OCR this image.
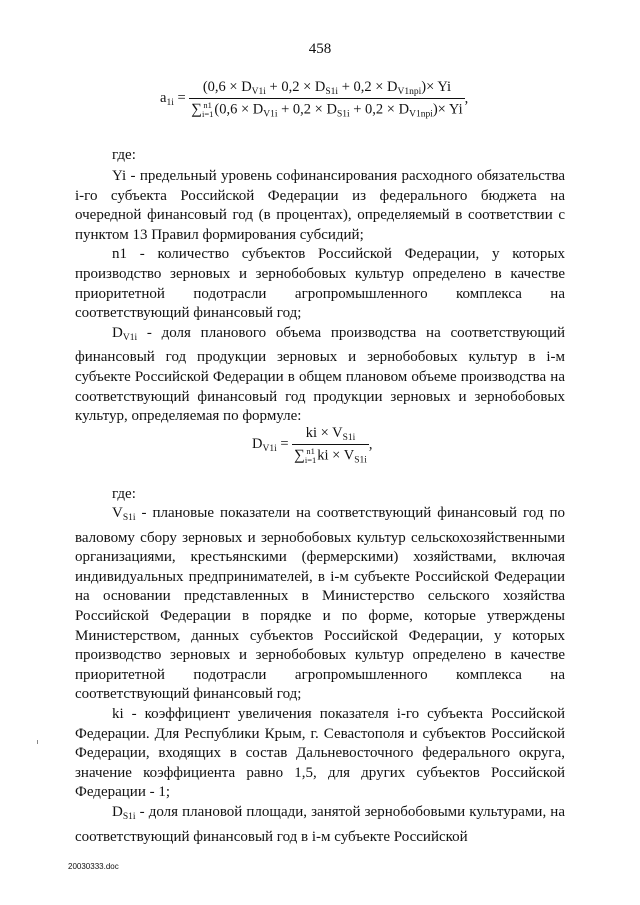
458
$a_{1i}$ =
$(0,6 \times D_{V1i} + 0,2 \times D_{S1i} + 0,2 \times D_{V1npi})\times Yi$
∑n1
$i=1(0,6 \times D_{V1i} + 0,2 \times D_{S1i} + 0,2 \times D_{V1npi})\times Yi$
,
где:

Yi - предельный уровень софинансирования расходного обязательства i-го субъекта Российской Федерации из федерального бюджета на очередной финансовый год (в процентах), определяемый в соответствии с пунктом 13 Правил формирования субсидий;

n1 - количество субъектов Российской Федерации, у которых производство зерновых и зернобобовых культур определено в качестве приоритетной подотрасли агропромышленного комплекса на соответствующий финансовый год;

$D_{V1i}$ - доля планового объема производства на соответствующий финансовый год продукции зерновых и зернобобовых культур в i-м субъекте Российской Федерации в общем плановом объеме производства на соответствующий финансовый год продукции зерновых и зернобобовых культур, определяемая по формуле:

$D_{V1i}$ =
ki × $V_{S1i}$
∑n1
$i=1ki \times V_{S1i}$
,
где:

$V_{S1i}$ - плановые показатели на соответствующий финансовый год по валовому сбору зерновых и зернобобовых культур сельскохозяйственными организациями, крестьянскими (фермерскими) хозяйствами, включая индивидуальных предпринимателей, в i-м субъекте Российской Федерации на основании представленных в Министерство сельского хозяйства Российской Федерации в порядке и по форме, которые утверждены Министерством, данных субъектов Российской Федерации, у которых производство зерновых и зернобобовых культур определено в качестве приоритетной подотрасли агропромышленного комплекса на соответствующий финансовый год;

ki - коэффициент увеличения показателя i-го субъекта Российской Федерации. Для Республики Крым, г. Севастополя и субъектов Российской Федерации, входящих в состав Дальневосточного федерального округа, значение коэффициента равно 1,5, для других субъектов Российской Федерации - 1;

$D_{S1i}$ - доля плановой площади, занятой зернобобовыми культурами, на соответствующий финансовый год в i-м субъекте Российской

20030333.doc
